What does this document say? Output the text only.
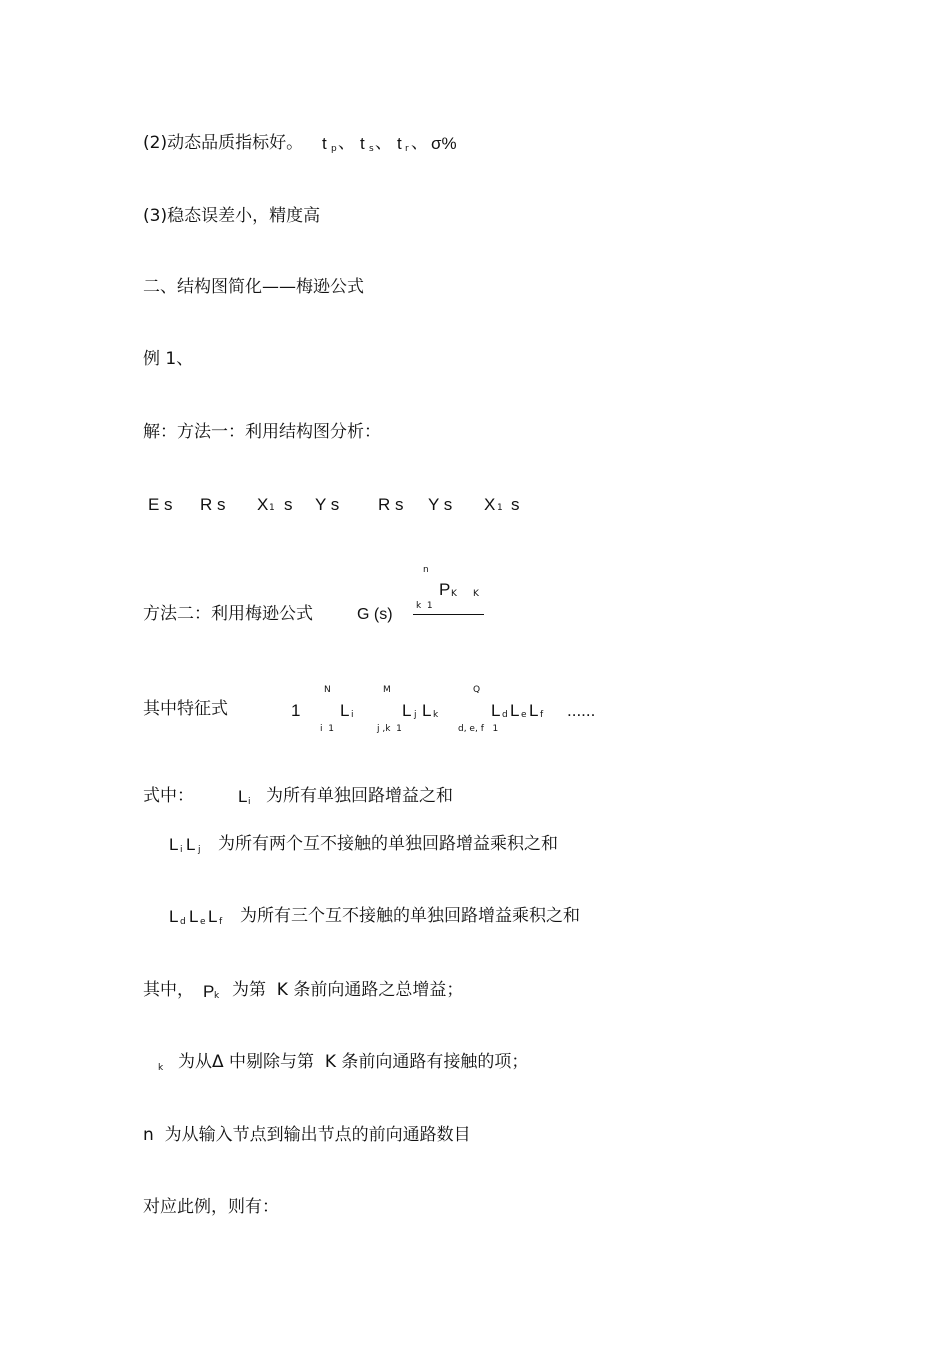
(2)动态品质指标好。 t p 、 t s 、 t r 、 σ%
(3)稳态误差小，精度高
二、结构图简化——梅逊公式
例 1、
解：方法一：利用结构图分析：
E s R s X 1 s Y s R s Y s X 1 s
方法二：利用梅逊公式	G (s)
n
P K K
k  1
其中特征式	1
N
L i
i  1
M
L j L k
j ,k  1
Q
L d L e L f
d, e, f   1
......
式中：	L i 为所有单独回路增益之和
L i L j 为所有两个互不接触的单独回路增益乘积之和
L d L e L f 为所有三个互不接触的单独回路增益乘积之和
其中， P k 为第  K 条前向通路之总增益；
k 为从Δ 中剔除与第  K 条前向通路有接触的项；
n  为从输入节点到输出节点的前向通路数目
对应此例，则有：
